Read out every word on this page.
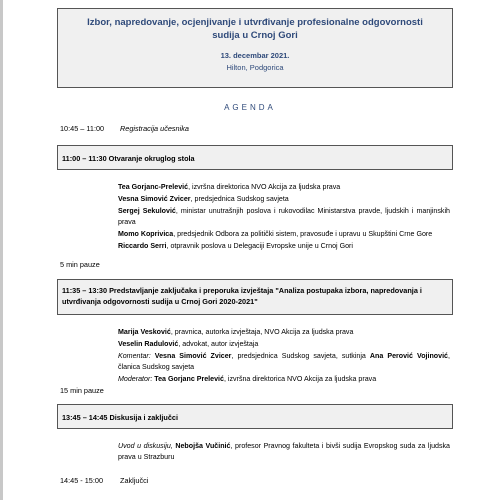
Izbor, napredovanje, ocjenjivanje i utvrđivanje profesionalne odgovornosti sudija u Crnoj Gori
13. decembar 2021.
Hilton, Podgorica
AGENDA
10:45 – 11:00 Registracija učesnika
11:00 – 11:30 Otvaranje okruglog stola

Tea Gorjanc-Prelević, izvršna direktorica NVO Akcija za ljudska prava

Vesna Simović Zvicer, predsjednica Sudskog savjeta

Sergej Sekulović, ministar unutrašnjih poslova i rukovodilac Ministarstva pravde, ljudskih i manjinskih prava

Momo Koprivica, predsjednik Odbora za politički sistem, pravosuđe i upravu u Skupštini Crne Gore

Riccardo Serri, otpravnik poslova u Delegaciji Evropske unije u Crnoj Gori

5 min pauze
11:35 – 13:30 Predstavljanje zaključaka i preporuka izvještaja "Analiza postupaka izbora, napredovanja i utvrđivanja odgovornosti sudija u Crnoj Gori 2020-2021"

Marija Vesković, pravnica, autorka izvještaja, NVO Akcija za ljudska prava

Veselin Radulović, advokat, autor izvještaja

Komentar: Vesna Simović Zvicer, predsjednica Sudskog savjeta, sutkinja Ana Perović Vojinović, članica Sudskog savjeta

Moderator: Tea Gorjanc Prelević, izvršna direktorica NVO Akcija za ljudska prava

15 min pauze
13:45 – 14:45 Diskusija i zaključci

Uvod u diskusiju, Nebojša Vučinić, profesor Pravnog fakulteta i bivši sudija Evropskog suda za ljudska prava u Strazburu

14:45 - 15:00 Zaključci
